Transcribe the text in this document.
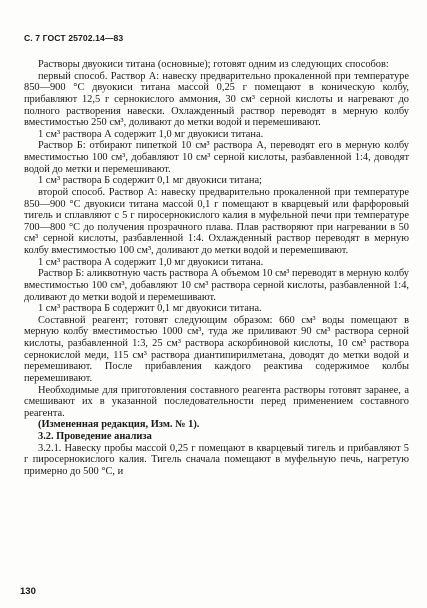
С. 7 ГОСТ 25702.14—83

Растворы двуокиси титана (основные); готовят одним из следующих способов:

первый способ. Раствор А: навеску предварительно прокаленной при температуре 850—900 °С двуокиси титана массой 0,25 г помещают в коническую колбу, прибавляют 12,5 г сернокислого аммония, 30 см³ серной кислоты и нагревают до полного растворения навески. Охлажденный раствор переводят в мерную колбу вместимостью 250 см³, доливают до метки водой и перемешивают.

1 см³ раствора А содержит 1,0 мг двуокиси титана.

Раствор Б: отбирают пипеткой 10 см³ раствора А, переводят его в мерную колбу вместимостью 100 см³, добавляют 10 см³ серной кислоты, разбавленной 1:4, доводят водой до метки и перемешивают.

1 см³ раствора Б содержит 0,1 мг двуокиси титана;

второй способ. Раствор А: навеску предварительно прокаленной при температуре 850—900 °С двуокиси титана массой 0,1 г помещают в кварцевый или фарфоровый тигель и сплавляют с 5 г пиросернокислого калия в муфельной печи при температуре 700—800 °С до получения прозрачного плава. Плав растворяют при нагревании в 50 см³ серной кислоты, разбавленной 1:4. Охлажденный раствор переводят в мерную колбу вместимостью 100 см³, доливают до метки водой и перемешивают.

1 см³ раствора А содержит 1,0 мг двуокиси титана.

Раствор Б: аликвотную часть раствора А объемом 10 см³ переводят в мерную колбу вместимостью 100 см³, добавляют 10 см³ раствора серной кислоты, разбавленной 1:4, доливают до метки водой и перемешивают.

1 см³ раствора Б содержит 0,1 мг двуокиси титана.

Составной реагент; готовят следующим образом: 660 см³ воды помещают в мерную колбу вместимостью 1000 см³, туда же приливают 90 см³ раствора серной кислоты, разбавленной 1:3, 25 см³ раствора аскорбиновой кислоты, 10 см³ раствора сернокислой меди, 115 см³ раствора диантипирилметана, доводят до метки водой и перемешивают. После прибавления каждого реактива содержимое колбы перемешивают.

Необходимые для приготовления составного реагента растворы готовят заранее, а смешивают их в указанной последовательности перед применением составного реагента.

(Измененная редакция, Изм. № 1).

3.2. Проведение анализа

3.2.1. Навеску пробы массой 0,25 г помещают в кварцевый тигель и прибавляют 5 г пиросернокислого калия. Тигель сначала помещают в муфельную печь, нагретую примерно до 500 °С, и

130
